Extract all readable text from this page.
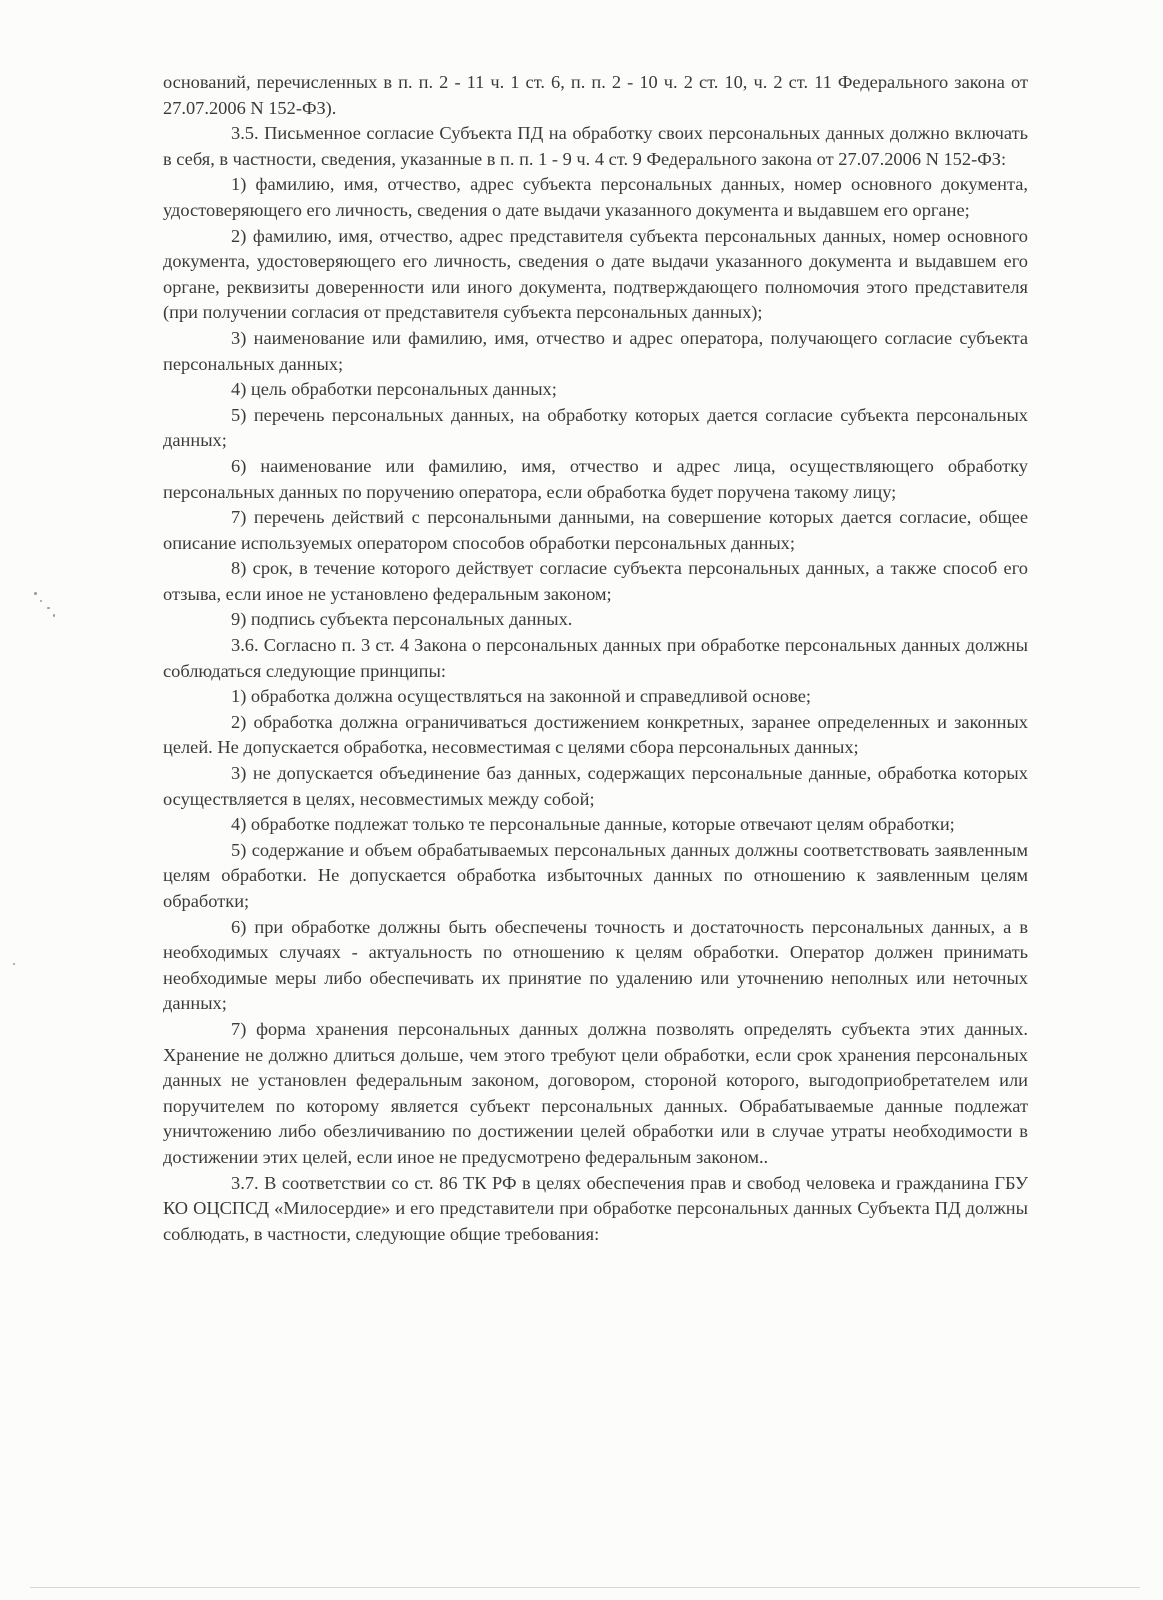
оснований, перечисленных в п. п. 2 - 11 ч. 1 ст. 6, п. п. 2 - 10 ч. 2 ст. 10, ч. 2 ст. 11 Федерального закона от 27.07.2006 N 152-ФЗ).

3.5. Письменное согласие Субъекта ПД на обработку своих персональных данных должно включать в себя, в частности, сведения, указанные в п. п. 1 - 9 ч. 4 ст. 9 Федерального закона от 27.07.2006 N 152-ФЗ:

1) фамилию, имя, отчество, адрес субъекта персональных данных, номер основного документа, удостоверяющего его личность, сведения о дате выдачи указанного документа и выдавшем его органе;

2) фамилию, имя, отчество, адрес представителя субъекта персональных данных, номер основного документа, удостоверяющего его личность, сведения о дате выдачи указанного документа и выдавшем его органе, реквизиты доверенности или иного документа, подтверждающего полномочия этого представителя (при получении согласия от представителя субъекта персональных данных);

3) наименование или фамилию, имя, отчество и адрес оператора, получающего согласие субъекта персональных данных;

4) цель обработки персональных данных;

5) перечень персональных данных, на обработку которых дается согласие субъекта персональных данных;

6) наименование или фамилию, имя, отчество и адрес лица, осуществляющего обработку персональных данных по поручению оператора, если обработка будет поручена такому лицу;

7) перечень действий с персональными данными, на совершение которых дается согласие, общее описание используемых оператором способов обработки персональных данных;

8) срок, в течение которого действует согласие субъекта персональных данных, а также способ его отзыва, если иное не установлено федеральным законом;

9) подпись субъекта персональных данных.

3.6. Согласно п. 3 ст. 4 Закона о персональных данных при обработке персональных данных должны соблюдаться следующие принципы:

1) обработка должна осуществляться на законной и справедливой основе;

2) обработка должна ограничиваться достижением конкретных, заранее определенных и законных целей. Не допускается обработка, несовместимая с целями сбора персональных данных;

3) не допускается объединение баз данных, содержащих персональные данные, обработка которых осуществляется в целях, несовместимых между собой;

4) обработке подлежат только те персональные данные, которые отвечают целям обработки;

5) содержание и объем обрабатываемых персональных данных должны соответствовать заявленным целям обработки. Не допускается обработка избыточных данных по отношению к заявленным целям обработки;

6) при обработке должны быть обеспечены точность и достаточность персональных данных, а в необходимых случаях - актуальность по отношению к целям обработки. Оператор должен принимать необходимые меры либо обеспечивать их принятие по удалению или уточнению неполных или неточных данных;

7) форма хранения персональных данных должна позволять определять субъекта этих данных. Хранение не должно длиться дольше, чем этого требуют цели обработки, если срок хранения персональных данных не установлен федеральным законом, договором, стороной которого, выгодоприобретателем или поручителем по которому является субъект персональных данных. Обрабатываемые данные подлежат уничтожению либо обезличиванию по достижении целей обработки или в случае утраты необходимости в достижении этих целей, если иное не предусмотрено федеральным законом..

3.7. В соответствии со ст. 86 ТК РФ в целях обеспечения прав и свобод человека и гражданина ГБУ КО ОЦСПСД «Милосердие» и его представители при обработке персональных данных Субъекта ПД должны соблюдать, в частности, следующие общие требования:
